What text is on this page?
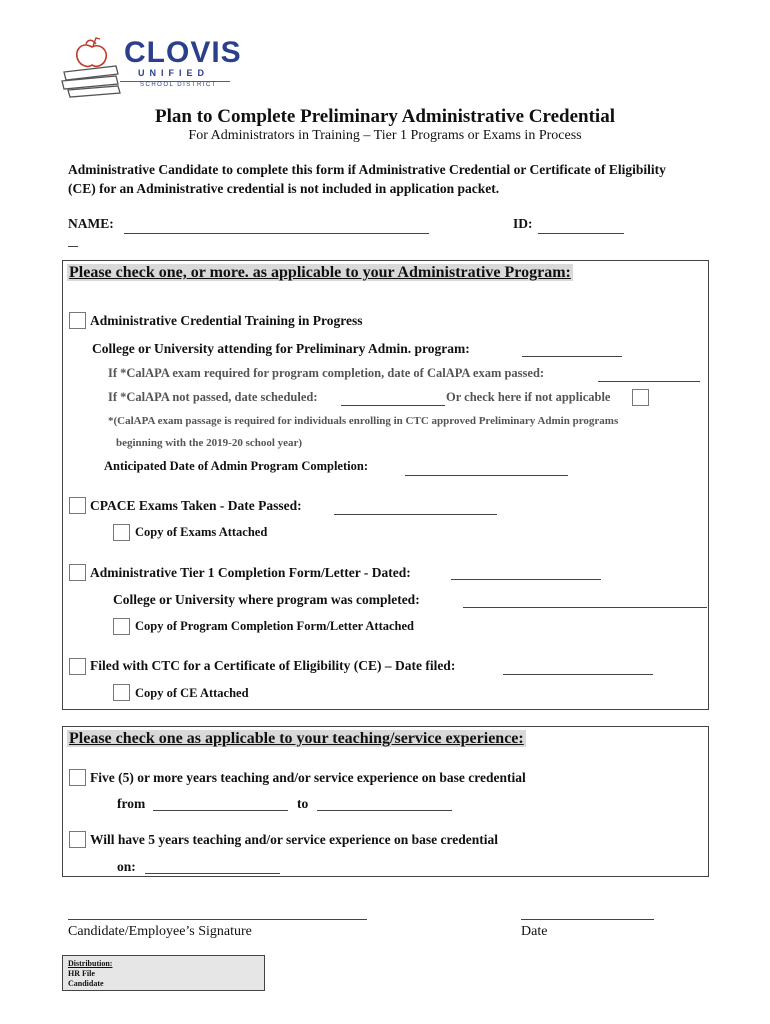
CLOVIS
UNIFIED
SCHOOL DISTRICT
Plan to Complete Preliminary Administrative Credential
For Administrators in Training – Tier 1 Programs or Exams in Process
Administrative Candidate to complete this form if Administrative Credential or Certificate of Eligibility (CE) for an Administrative credential is not included in application packet.
NAME:	ID:
Please check one, or more. as applicable to your Administrative Program:
Administrative Credential Training in Progress
College or University attending for Preliminary Admin. program:
If *CalAPA exam required for program completion, date of CalAPA exam passed:
If *CalAPA not passed, date scheduled:	Or check here if not applicable
*(CalAPA exam passage is required for individuals enrolling in CTC approved Preliminary Admin programs
beginning with the 2019-20 school year)
Anticipated Date of Admin Program Completion:
CPACE Exams Taken - Date Passed:
Copy of Exams Attached
Administrative Tier 1 Completion Form/Letter - Dated:
College or University where program was completed:
Copy of Program Completion Form/Letter Attached
Filed with CTC for a Certificate of Eligibility (CE) – Date filed:
Copy of CE Attached
Please check one as applicable to your teaching/service experience:
Five (5) or more years teaching and/or service experience on base credential
from	to
Will have 5 years teaching and/or service experience on base credential
on:
Candidate/Employee’s Signature	Date
Distribution:
HR File
Candidate
